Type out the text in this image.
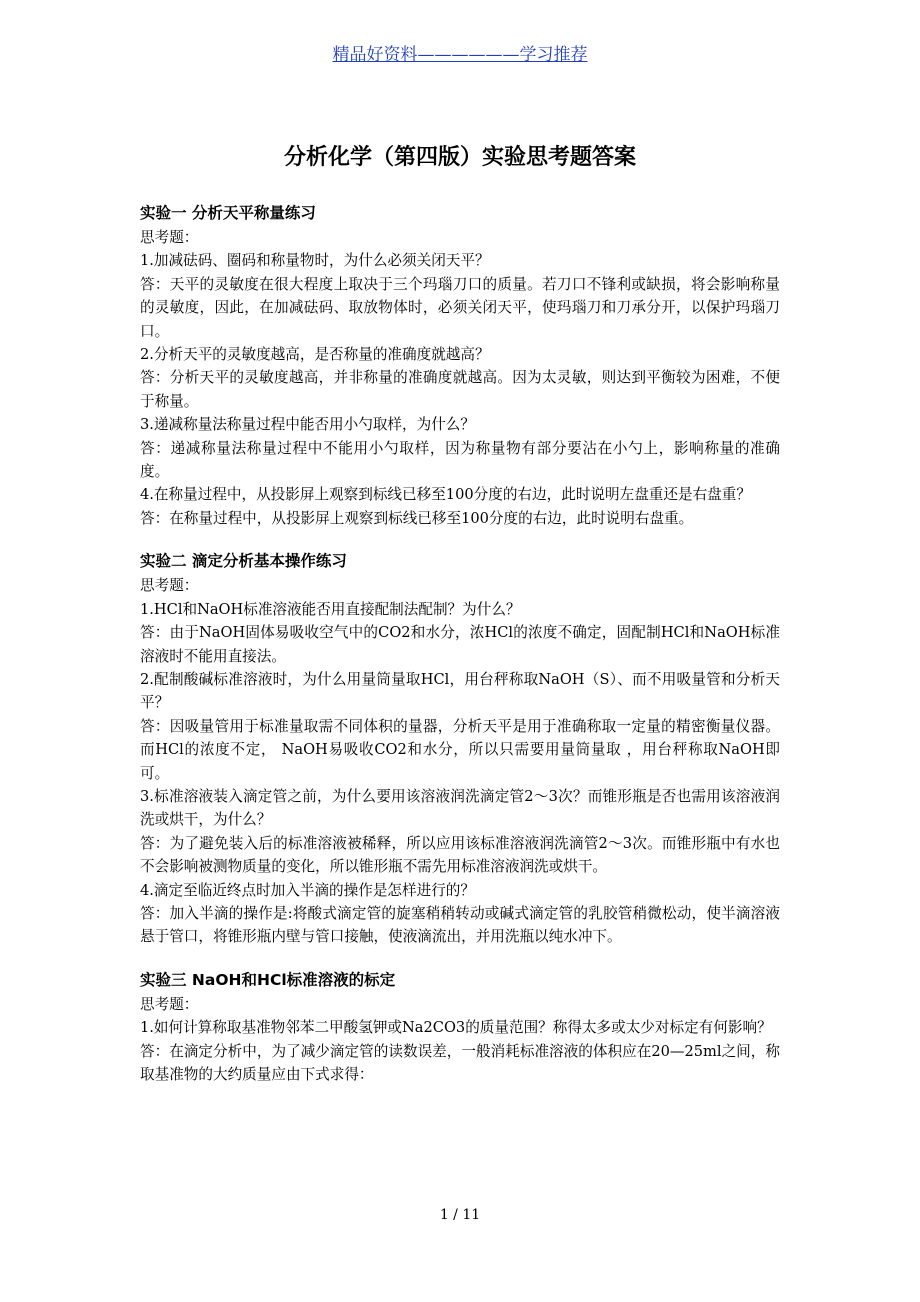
精品好资料——————学习推荐
分析化学（第四版）实验思考题答案
实验一 分析天平称量练习

思考题：

1.加减砝码、圈码和称量物时，为什么必须关闭天平？

答：天平的灵敏度在很大程度上取决于三个玛瑙刀口的质量。若刀口不锋利或缺损，将会影响称量的灵敏度，因此，在加减砝码、取放物体时，必须关闭天平，使玛瑙刀和刀承分开，以保护玛瑙刀口。

2.分析天平的灵敏度越高，是否称量的准确度就越高？

答：分析天平的灵敏度越高，并非称量的准确度就越高。因为太灵敏，则达到平衡较为困难，不便于称量。

3.递减称量法称量过程中能否用小勺取样，为什么？

答：递减称量法称量过程中不能用小勺取样，因为称量物有部分要沾在小勺上，影响称量的准确度。

4.在称量过程中，从投影屏上观察到标线已移至100分度的右边，此时说明左盘重还是右盘重？

答：在称量过程中，从投影屏上观察到标线已移至100分度的右边，此时说明右盘重。

实验二 滴定分析基本操作练习

思考题：

1.HCl和NaOH标准溶液能否用直接配制法配制？为什么？

答：由于NaOH固体易吸收空气中的CO2和水分，浓HCl的浓度不确定，固配制HCl和NaOH标准溶液时不能用直接法。

2.配制酸碱标准溶液时，为什么用量筒量取HCl，用台秤称取NaOH（S）、而不用吸量管和分析天平？

答：因吸量管用于标准量取需不同体积的量器，分析天平是用于准确称取一定量的精密衡量仪器。而HCl的浓度不定， NaOH易吸收CO2和水分，所以只需要用量筒量取 ，用台秤称取NaOH即可。

3.标准溶液装入滴定管之前，为什么要用该溶液润洗滴定管2～3次？而锥形瓶是否也需用该溶液润洗或烘干，为什么？

答：为了避免装入后的标准溶液被稀释，所以应用该标准溶液润洗滴管2～3次。而锥形瓶中有水也不会影响被测物质量的变化，所以锥形瓶不需先用标准溶液润洗或烘干。

4.滴定至临近终点时加入半滴的操作是怎样进行的？

答：加入半滴的操作是:将酸式滴定管的旋塞稍稍转动或碱式滴定管的乳胶管稍微松动，使半滴溶液悬于管口，将锥形瓶内壁与管口接触，使液滴流出，并用洗瓶以纯水冲下。

实验三 NaOH和HCl标准溶液的标定

思考题：

1.如何计算称取基准物邻苯二甲酸氢钾或Na2CO3的质量范围？称得太多或太少对标定有何影响？

答：在滴定分析中，为了减少滴定管的读数误差，一般消耗标准溶液的体积应在20—25ml之间，称取基准物的大约质量应由下式求得：

1 / 11
